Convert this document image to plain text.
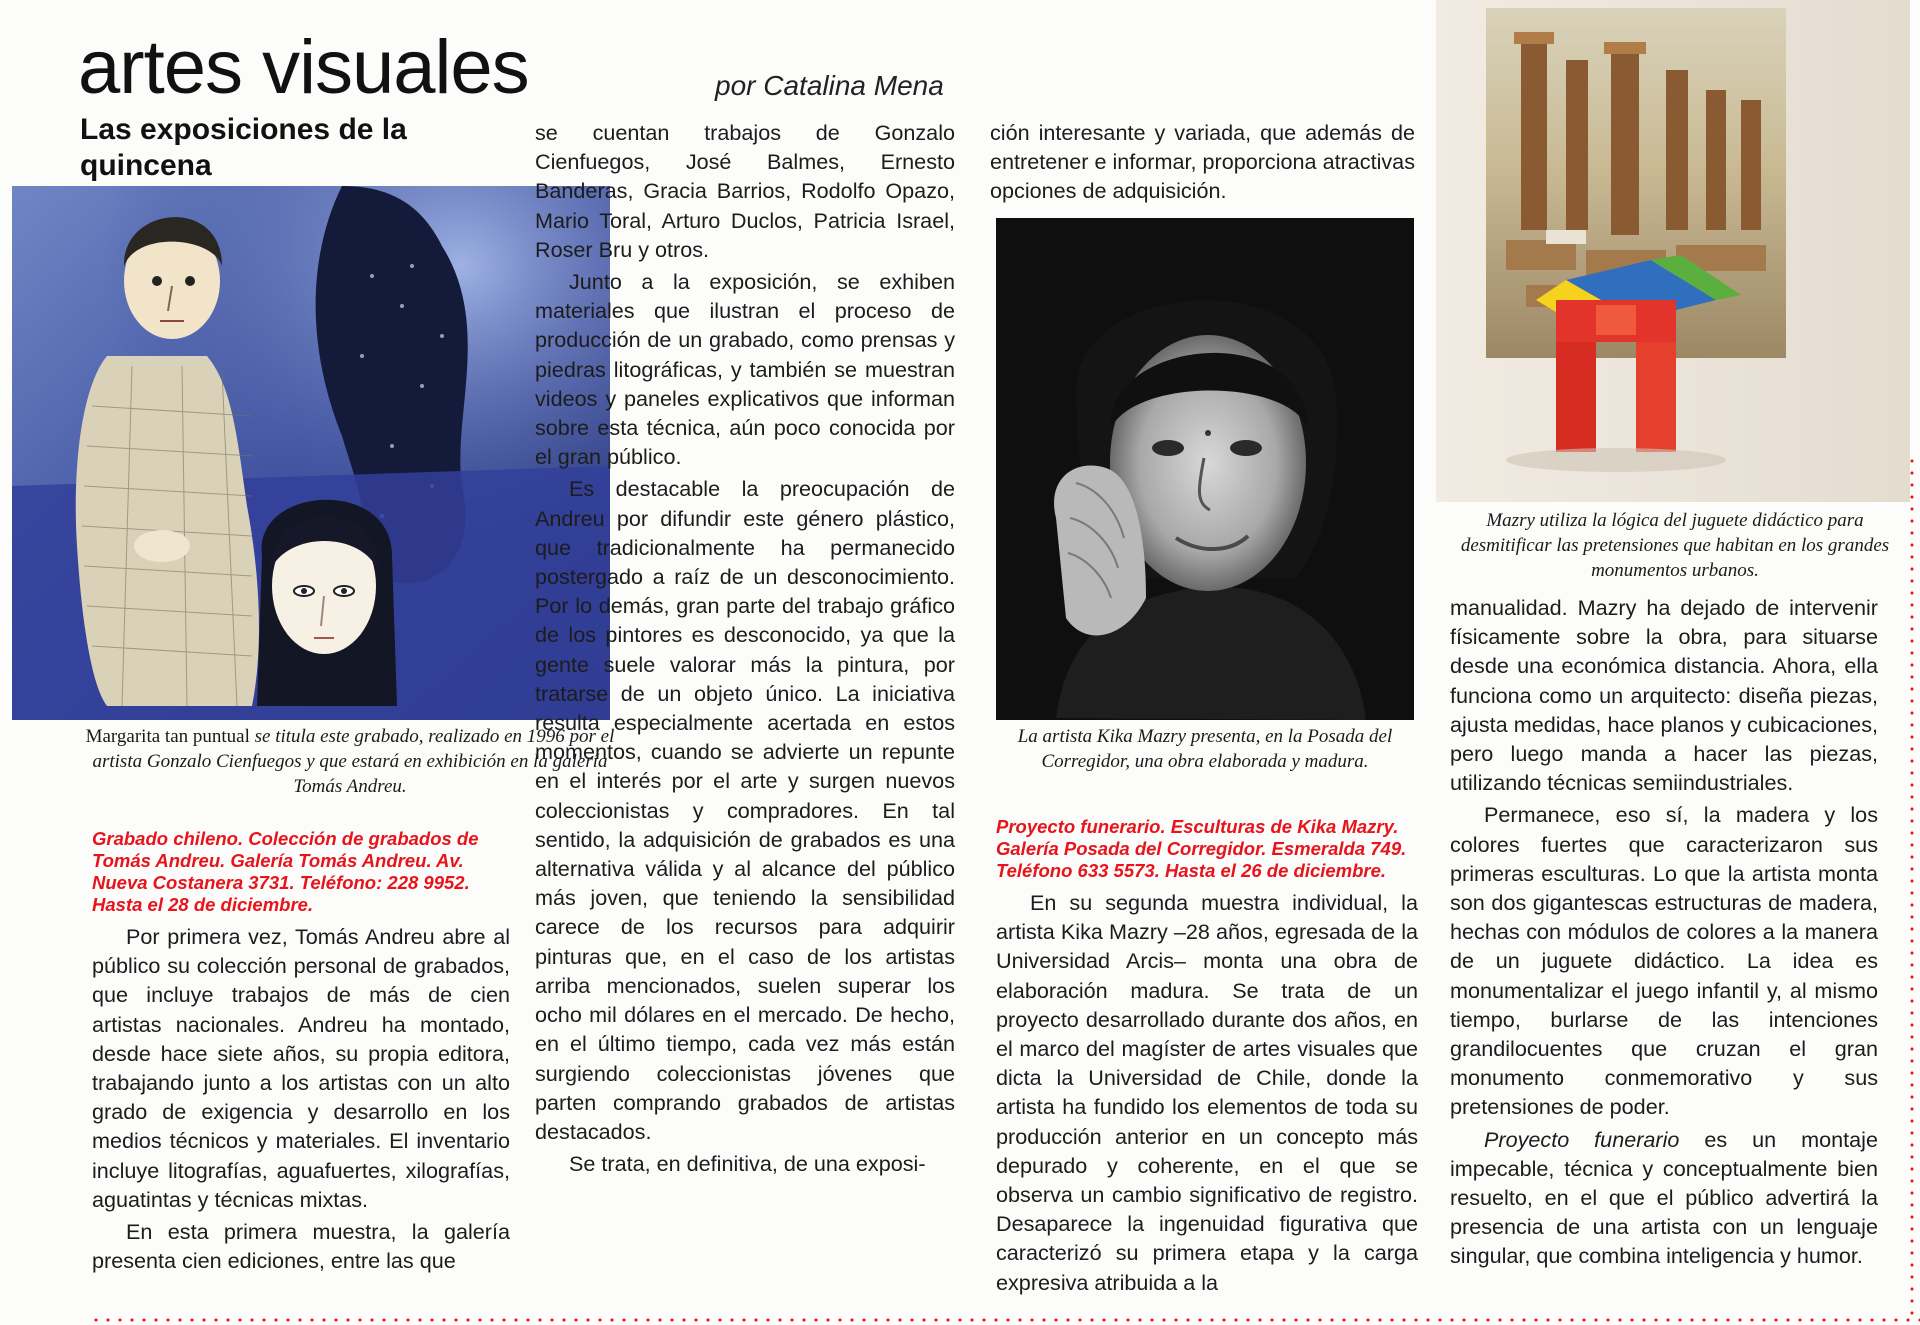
artes visuales	por Catalina Mena
Las exposiciones de la
quincena
Margarita tan puntual se titula este grabado, realizado en 1996 por el artista Gonzalo Cienfuegos y que estará en exhibición en la galería Tomás Andreu.
Grabado chileno. Colección de grabados de Tomás Andreu. Galería Tomás Andreu. Av. Nueva Costanera 3731. Teléfono: 228 9952. Hasta el 28 de diciembre.

Por primera vez, Tomás Andreu abre al público su colección personal de grabados, que incluye trabajos de más de cien artistas nacionales. Andreu ha montado, desde hace siete años, su propia editora, trabajando junto a los artistas con un alto grado de exigencia y desarrollo en los medios técnicos y materiales. El inventario incluye litografías, aguafuertes, xilografías, aguatintas y técnicas mixtas.

En esta primera muestra, la galería presenta cien ediciones, entre las que

se cuentan trabajos de Gonzalo Cienfuegos, José Balmes, Ernesto Banderas, Gracia Barrios, Rodolfo Opazo, Mario Toral, Arturo Duclos, Patricia Israel, Roser Bru y otros.

Junto a la exposición, se exhiben materiales que ilustran el proceso de producción de un grabado, como prensas y piedras litográficas, y también se muestran videos y paneles explicativos que informan sobre esta técnica, aún poco conocida por el gran público.

Es destacable la preocupación de Andreu por difundir este género plástico, que tradicionalmente ha permanecido postergado a raíz de un desconocimiento. Por lo demás, gran parte del trabajo gráfico de los pintores es desconocido, ya que la gente suele valorar más la pintura, por tratarse de un objeto único. La iniciativa resulta especialmente acertada en estos momentos, cuando se advierte un repunte en el interés por el arte y surgen nuevos coleccionistas y compradores. En tal sentido, la adquisición de grabados es una alternativa válida y al alcance del público más joven, que teniendo la sensibilidad carece de los recursos para adquirir pinturas que, en el caso de los artistas arriba mencionados, suelen superar los ocho mil dólares en el mercado. De hecho, en el último tiempo, cada vez más están surgiendo coleccionistas jóvenes que parten comprando grabados de artistas destacados.

Se trata, en definitiva, de una exposi-

ción interesante y variada, que además de entretener e informar, proporciona atractivas opciones de adquisición.

La artista Kika Mazry presenta, en la Posada del Corregidor, una obra elaborada y madura.
Proyecto funerario. Esculturas de Kika Mazry. Galería Posada del Corregidor. Esmeralda 749. Teléfono 633 5573. Hasta el 26 de diciembre.

En su segunda muestra individual, la artista Kika Mazry –28 años, egresada de la Universidad Arcis– monta una obra de elaboración madura. Se trata de un proyecto desarrollado durante dos años, en el marco del magíster de artes visuales que dicta la Universidad de Chile, donde la artista ha fundido los elementos de toda su producción anterior en un concepto más depurado y coherente, en el que se observa un cambio significativo de registro. Desaparece la ingenuidad figurativa que caracterizó su primera etapa y la carga expresiva atribuida a la

Mazry utiliza la lógica del juguete didáctico para desmitificar las pretensiones que habitan en los grandes monumentos urbanos.

manualidad. Mazry ha dejado de intervenir físicamente sobre la obra, para situarse desde una económica distancia. Ahora, ella funciona como un arquitecto: diseña piezas, ajusta medidas, hace planos y cubicaciones, pero luego manda a hacer las piezas, utilizando técnicas semiindustriales.

Permanece, eso sí, la madera y los colores fuertes que caracterizaron sus primeras esculturas. Lo que la artista monta son dos gigantescas estructuras de madera, hechas con módulos de colores a la manera de un juguete didáctico. La idea es monumentalizar el juego infantil y, al mismo tiempo, burlarse de las intenciones grandilocuentes que cruzan el gran monumento conmemorativo y sus pretensiones de poder.

Proyecto funerario es un montaje impecable, técnica y conceptualmente bien resuelto, en el que el público advertirá la presencia de una artista con un lenguaje singular, que combina inteligencia y humor.
